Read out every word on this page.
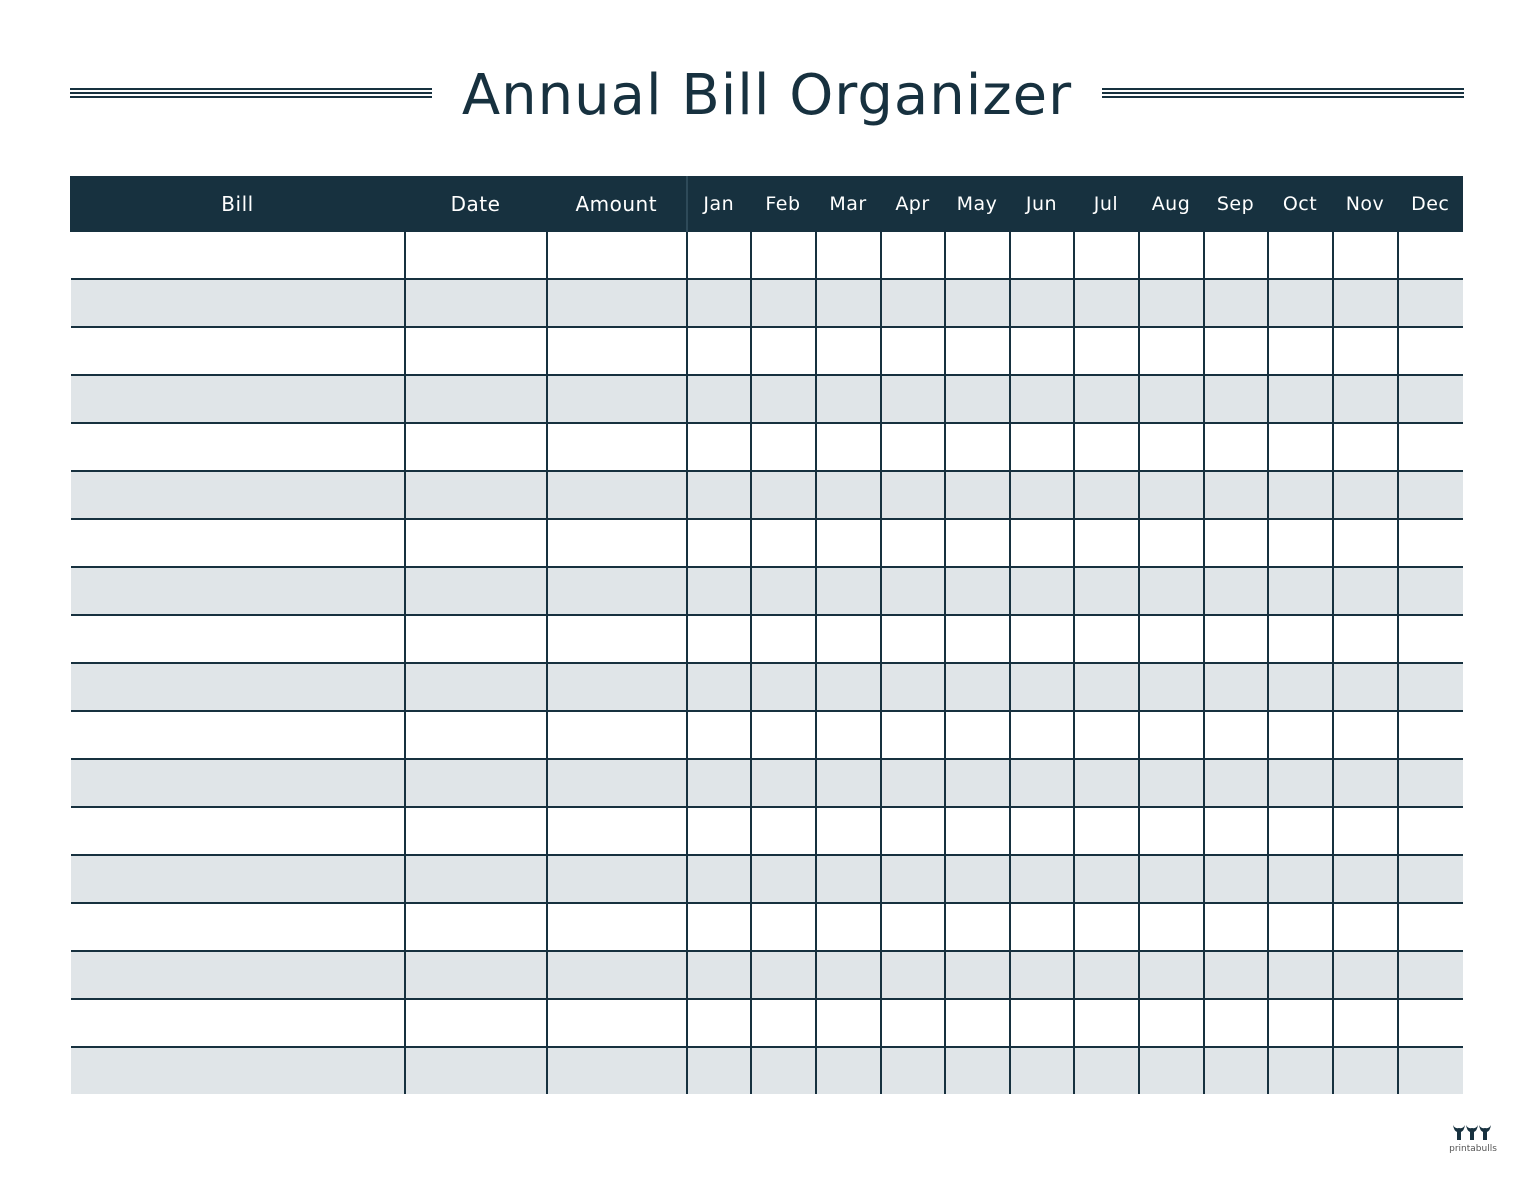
Annual Bill Organizer
Bill	Date	Amount	Jan	Feb	Mar	Apr	May	Jun	Jul	Aug	Sep	Oct	Nov	Dec

printabulls
